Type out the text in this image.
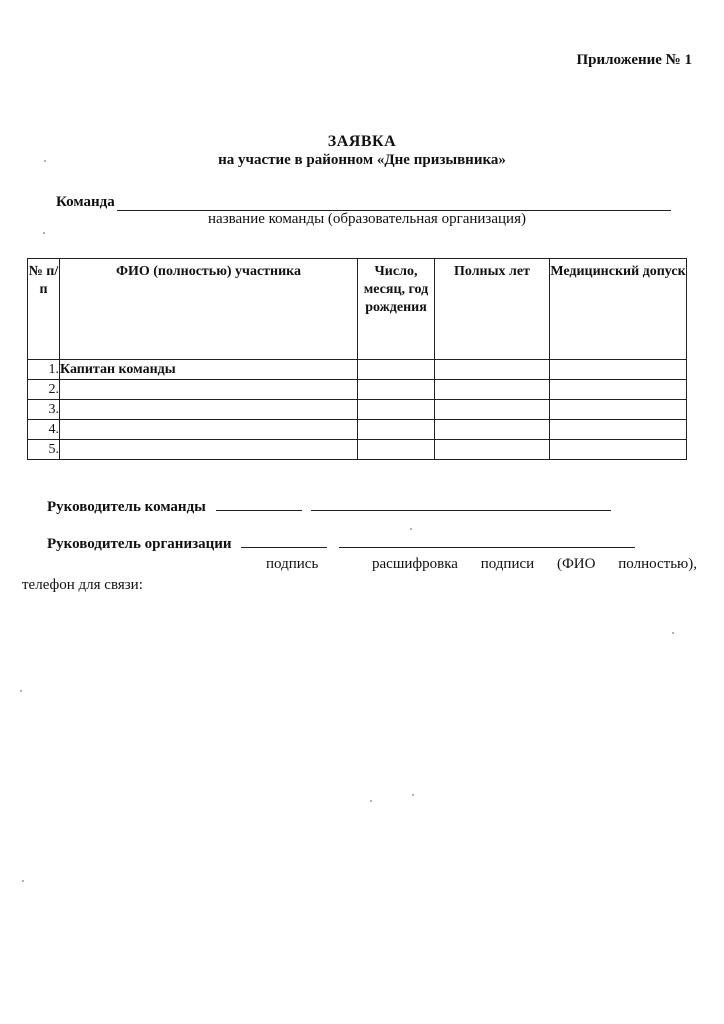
Приложение № 1
ЗАЯВКА
на участие в районном «Дне призывника»
Команда
название команды (образовательная организация)
№ п/п	ФИО (полностью) участника	Число, месяц, год рождения	Полных лет	Медицинский допуск
1.	Капитан команды			
2.				
3.				
4.				
5.				
Руководитель команды
Руководитель организации
подпись	расшифровка подписи (ФИО полностью),
телефон для связи:
